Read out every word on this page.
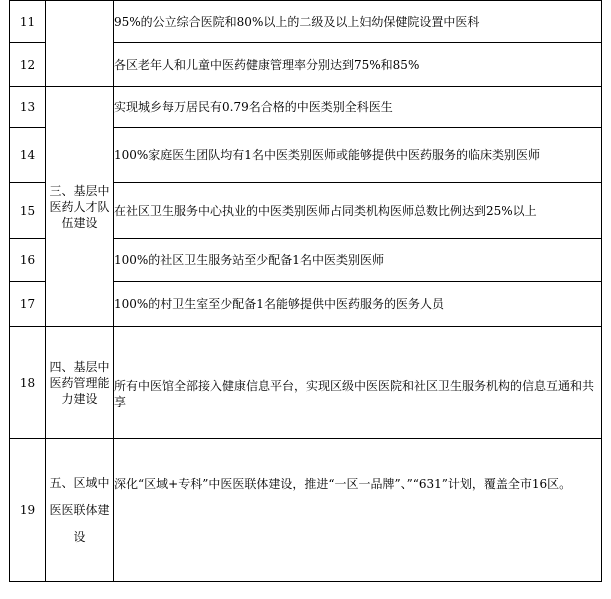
11		95%的公立综合医院和80%以上的二级及以上妇幼保健院设置中医科
12		各区老年人和儿童中医药健康管理率分别达到75%和85%
13	三、基层中医药人才队伍建设	实现城乡每万居民有0.79名合格的中医类别全科医生
14		100%家庭医生团队均有1名中医类别医师或能够提供中医药服务的临床类别医师
15		在社区卫生服务中心执业的中医类别医师占同类机构医师总数比例达到25%以上
16		100%的社区卫生服务站至少配备1名中医类别医师
17		100%的村卫生室至少配备1名能够提供中医药服务的医务人员
18	四、基层中医药管理能力建设	所有中医馆全部接入健康信息平台，实现区级中医医院和社区卫生服务机构的信息互通和共享
19	五、区域中医医联体建设	深化“区域+专科”中医医联体建设，推进“一区一品牌”、”“631”计划，覆盖全市16区。
